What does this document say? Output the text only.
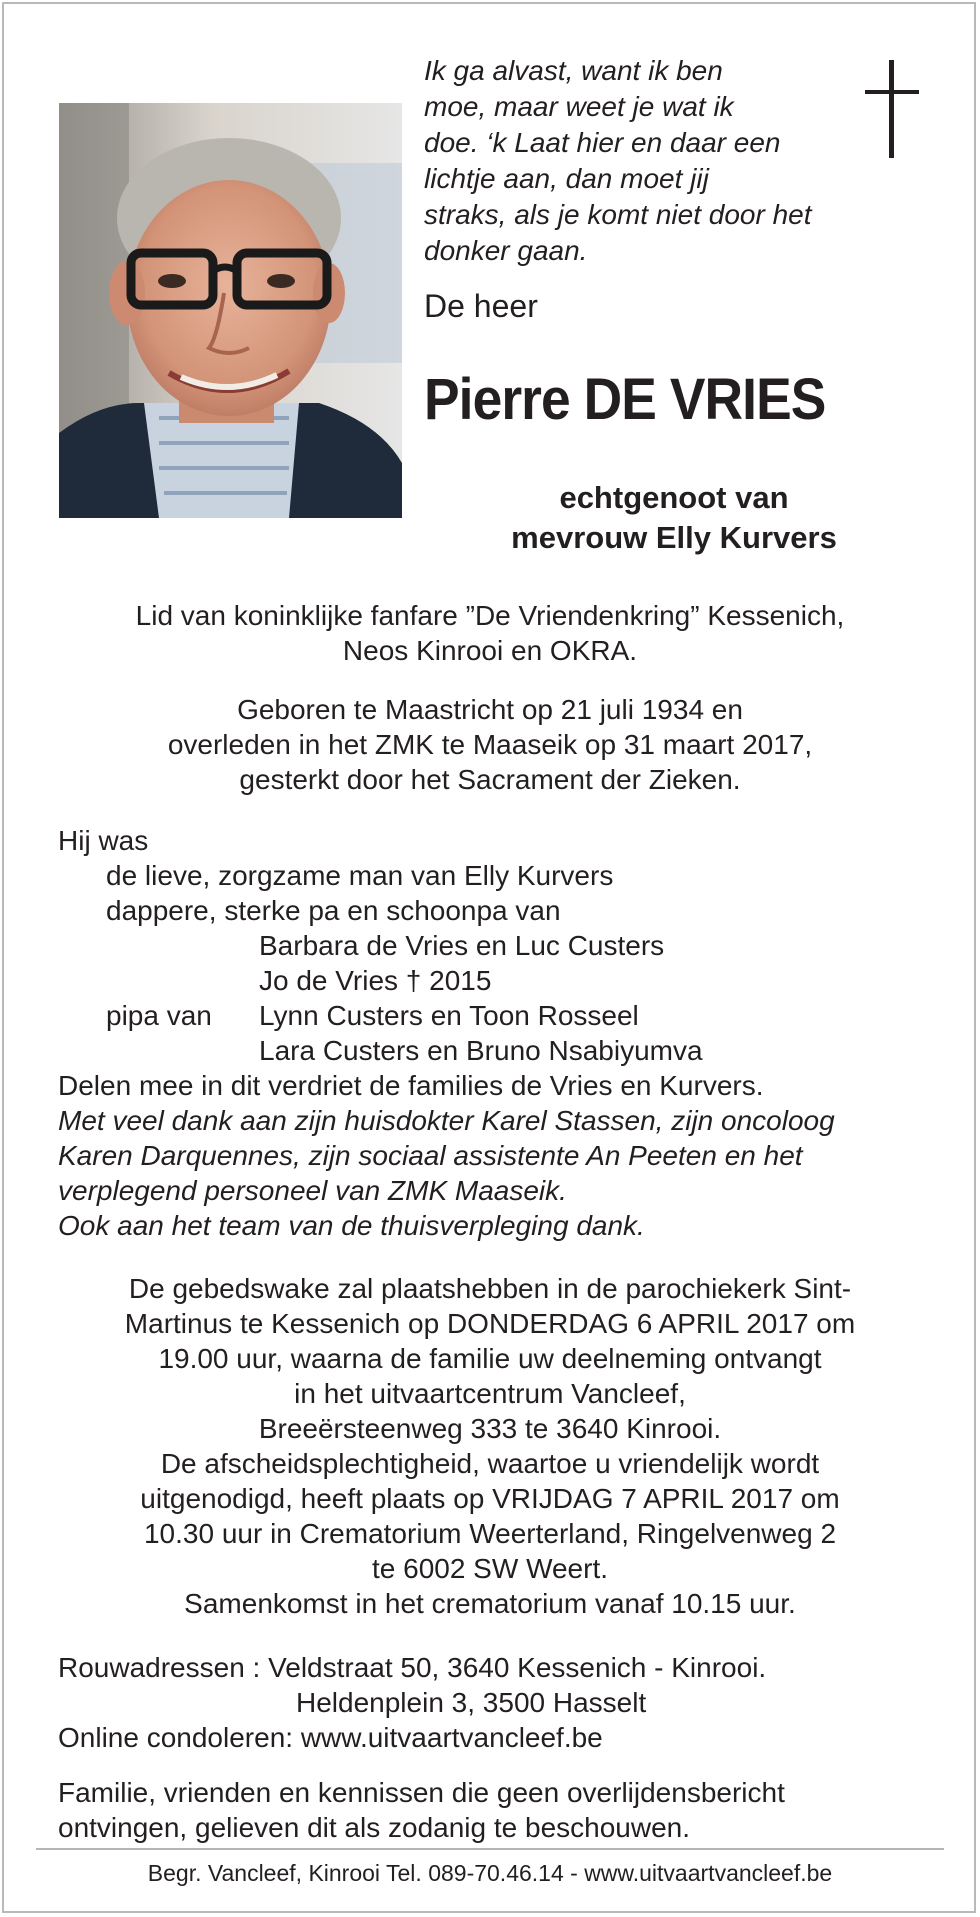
Ik ga alvast, want ik ben
moe, maar weet je wat ik
doe. ‘k Laat hier en daar een
lichtje aan, dan moet jij
straks, als je komt niet door het
donker gaan.
De heer
Pierre DE VRIES
echtgenoot van
mevrouw Elly Kurvers
Lid van koninklijke fanfare ”De Vriendenkring” Kessenich,
Neos Kinrooi en OKRA.
Geboren te Maastricht op 21 juli 1934 en
overleden in het ZMK te Maaseik op 31 maart 2017,
gesterkt door het Sacrament der Zieken.
Hij was
de lieve, zorgzame man van Elly Kurvers
dappere, sterke pa en schoonpa van
Barbara de Vries en Luc Custers
Jo de Vries † 2015
pipa van Lynn Custers en Toon Rosseel
Lara Custers en Bruno Nsabiyumva
Delen mee in dit verdriet de families de Vries en Kurvers.
Met veel dank aan zijn huisdokter Karel Stassen, zijn oncoloog
Karen Darquennes, zijn sociaal assistente An Peeten en het
verplegend personeel van ZMK Maaseik.
Ook aan het team van de thuisverpleging dank.
De gebedswake zal plaatshebben in de parochiekerk Sint-
Martinus te Kessenich op DONDERDAG 6 APRIL 2017 om
19.00 uur, waarna de familie uw deelneming ontvangt
in het uitvaartcentrum Vancleef,
Breeërsteenweg 333 te 3640 Kinrooi.
De afscheidsplechtigheid, waartoe u vriendelijk wordt
uitgenodigd, heeft plaats op VRIJDAG 7 APRIL 2017 om
10.30 uur in Crematorium Weerterland, Ringelvenweg 2
te 6002 SW Weert.
Samenkomst in het crematorium vanaf 10.15 uur.
Rouwadressen : Veldstraat 50, 3640 Kessenich - Kinrooi.
Heldenplein 3, 3500 Hasselt
Online condoleren: www.uitvaartvancleef.be
Familie, vrienden en kennissen die geen overlijdensbericht
ontvingen, gelieven dit als zodanig te beschouwen.
Begr. Vancleef, Kinrooi Tel. 089-70.46.14 - www.uitvaartvancleef.be
